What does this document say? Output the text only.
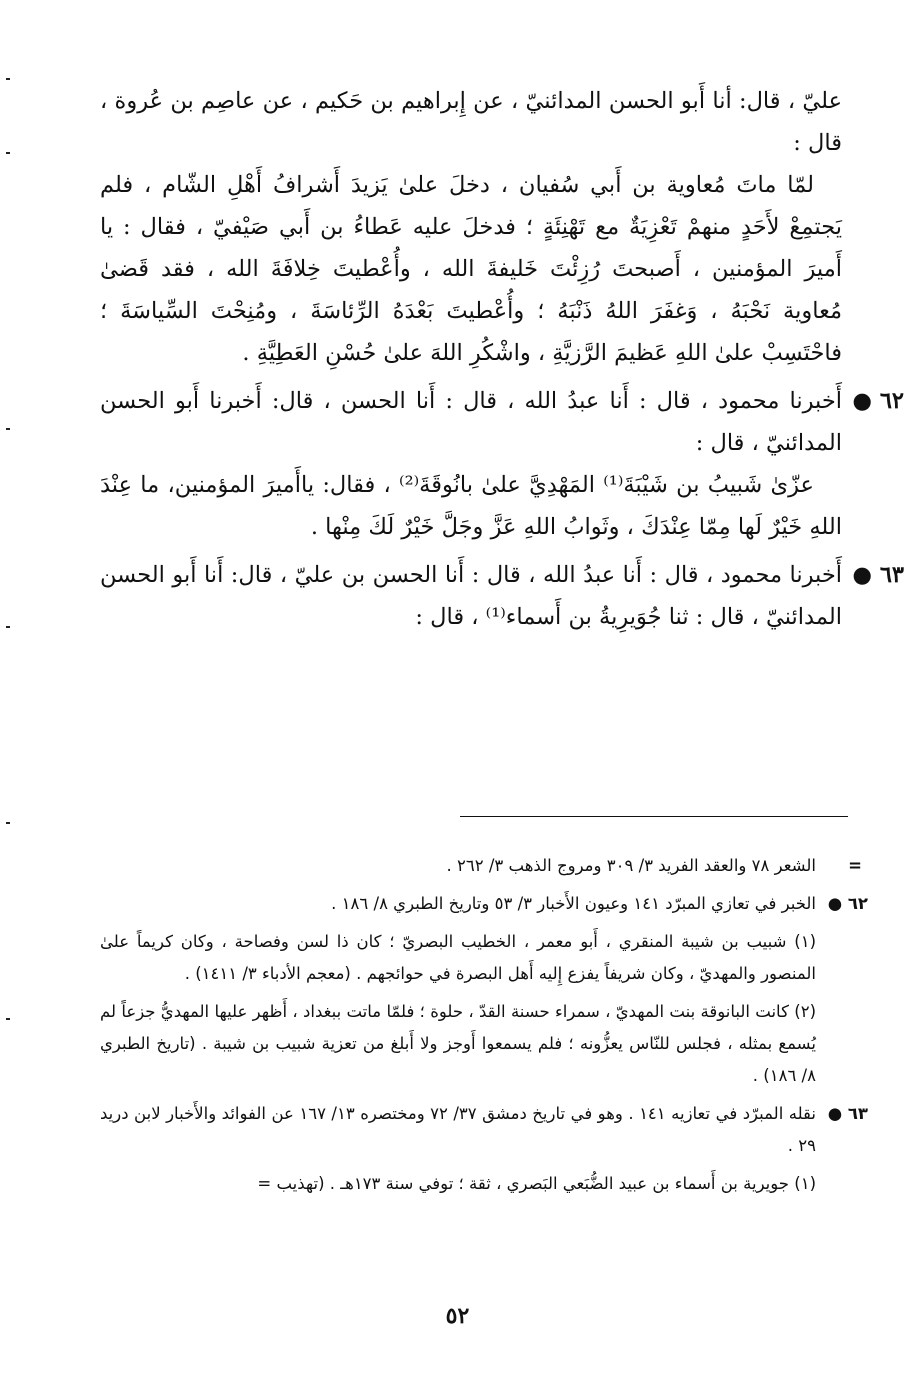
عليّ ، قال: أنا أَبو الحسن المدائنيّ ، عن إِبراهيم بن حَكيم ، عن عاصِم بن عُروة ، قال :

لمّا ماتَ مُعاوية بن أَبي سُفيان ، دخلَ علىٰ يَزيدَ أَشرافُ أَهْلِ الشّام ، فلم يَجتمِعْ لأَحَدٍ منهمْ تَعْزِيَةٌ مع تَهْنِئَةٍ ؛ فدخلَ عليه عَطاءُ بن أَبي صَيْفيّ ، فقال : يا أَميرَ المؤمنين ، أَصبحتَ رُزِئْتَ خَليفةَ الله ، وأُعْطيتَ خِلافَةَ الله ، فقد قَضىٰ مُعاوية نَحْبَهُ ، وَغفَرَ اللهُ ذَنْبَهُ ؛ وأُعْطيتَ بَعْدَهُ الرِّئاسَةَ ، ومُنِحْتَ السِّياسَةَ ؛ فاحْتَسِبْ علىٰ اللهِ عَظيمَ الرَّزيَّةِ ، واشْكُرِ اللهَ علىٰ حُسْنِ العَطِيَّةِ .

٦٢ ●

أَخبرنا محمود ، قال : أَنا عبدُ الله ، قال : أَنا الحسن ، قال: أَخبرنا أَبو الحسن المدائنيّ ، قال :

عزّىٰ شَبيبُ بن شَيْبَةَ⁽¹⁾ المَهْدِيَّ علىٰ بانُوقَةَ⁽²⁾ ، فقال: ياأَميرَ المؤمنين، ما عِنْدَ اللهِ خَيْرٌ لَها مِمّا عِنْدَكَ ، وثَوابُ اللهِ عَزَّ وجَلَّ خَيْرٌ لَكَ مِنْها .

٦٣ ●

أَخبرنا محمود ، قال : أَنا عبدُ الله ، قال : أَنا الحسن بن عليّ ، قال: أَنا أَبو الحسن المدائنيّ ، قال : ثنا جُوَيرِيةُ بن أَسماء⁽¹⁾ ، قال :

=
الشعر ٧٨ والعقد الفريد ٣/ ٣٠٩ ومروج الذهب ٣/ ٢٦٢ .
٦٢ ●
الخبر في تعازي المبرّد ١٤١ وعيون الأَخبار ٣/ ٥٣ وتاريخ الطبري ٨/ ١٨٦ .

(١) شبيب بن شيبة المنقري ، أَبو معمر ، الخطيب البصريّ ؛ كان ذا لسن وفصاحة ، وكان كريماً علىٰ المنصور والمهديّ ، وكان شريفاً يفزع إِليه أَهل البصرة في حوائجهم . (معجم الأدباء ٣/ ١٤١١) .

(٢) كانت البانوقة بنت المهديّ ، سمراء حسنة القدّ ، حلوة ؛ فلمّا ماتت ببغداد ، أَظهر عليها المهديُّ جزعاً لم يُسمع بمثله ، فجلس للنّاس يعزُّونه ؛ فلم يسمعوا أَوجز ولا أَبلغ من تعزية شبيب بن شيبة . (تاريخ الطبري ٨/ ١٨٦) .

٦٣ ●
نقله المبرّد في تعازيه ١٤١ . وهو في تاريخ دمشق ٣٧/ ٧٢ ومختصره ١٣/ ١٦٧ عن الفوائد والأَخبار لابن دريد ٢٩ .

(١) جويرية بن أَسماء بن عبيد الضُّبَعي البَصري ، ثقة ؛ توفي سنة ١٧٣هـ . (تهذيب =

٥٢
